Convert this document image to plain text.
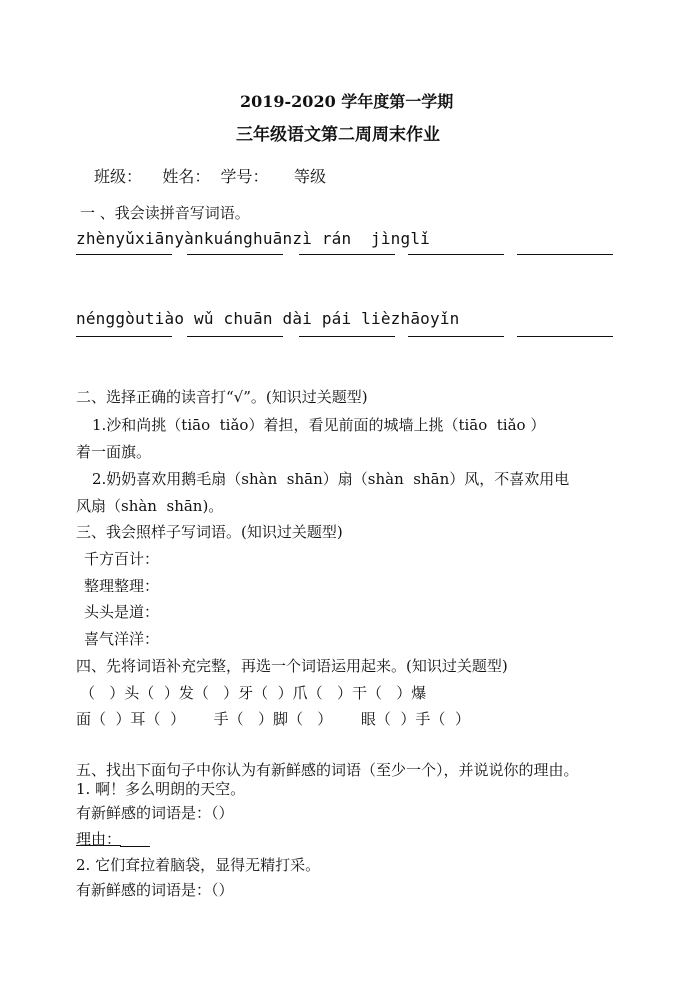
2019-2020 学年度第一学期
三年级语文第二周周末作业
班级：    姓名：  学号：     等级
一 、我会读拼音写词语。
zhènyǔxiānyànkuánghuānzì rán  jìnglǐ
nénggòutiào wǔ chuān dài pái lièzhāoyǐn
二、选择正确的读音打“√”。(知识过关题型)
1.沙和尚挑（tiāo  tiǎo）着担，看见前面的城墙上挑（tiāo  tiǎo ）
着一面旗。
2.奶奶喜欢用鹅毛扇（shàn  shān）扇（shàn  shān）风，不喜欢用电
风扇（shàn  shān)。
三、我会照样子写词语。(知识过关题型)
千方百计：
整理整理：
头头是道：
喜气洋洋：
四、先将词语补充完整，再选一个词语运用起来。(知识过关题型)
（   ）头（  ）发（   ）牙（  ）爪（   ）干（   ）爆
面（  ）耳（  ）      手（   ）脚（   ）      眼（  ）手（  ）
五、找出下面句子中你认为有新鲜感的词语（至少一个），并说说你的理由。
1. 啊！多么明朗的天空。
有新鲜感的词语是：（）
理由：
2. 它们耷拉着脑袋，显得无精打采。
有新鲜感的词语是：（）
